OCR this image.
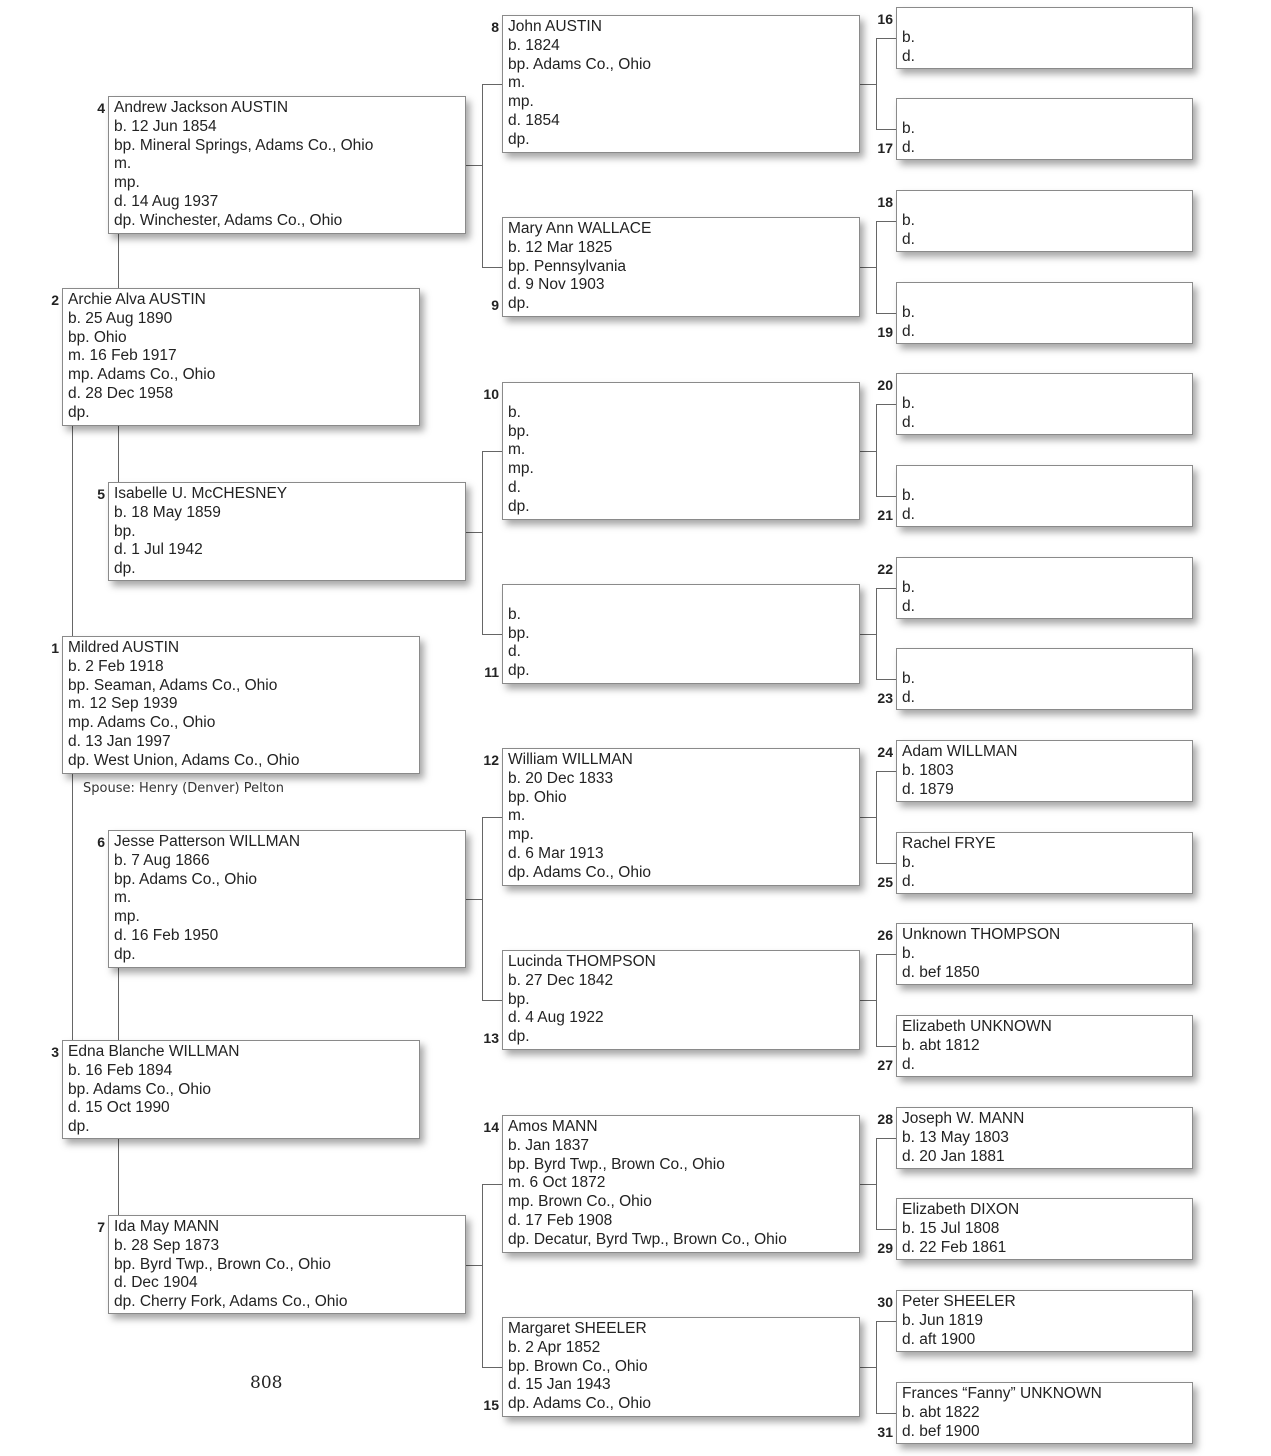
Andrew Jackson AUSTIN
b. 12 Jun 1854
bp. Mineral Springs, Adams Co., Ohio
m.
mp.
d. 14 Aug 1937
dp. Winchester, Adams Co., Ohio
4
Archie Alva AUSTIN
b. 25 Aug 1890
bp. Ohio
m. 16 Feb 1917
mp. Adams Co., Ohio
d. 28 Dec 1958
dp.
2
Isabelle U. McCHESNEY
b. 18 May 1859
bp.
d. 1 Jul 1942
dp.
5
Mildred AUSTIN
b. 2 Feb 1918
bp. Seaman, Adams Co., Ohio
m. 12 Sep 1939
mp. Adams Co., Ohio
d. 13 Jan 1997
dp. West Union, Adams Co., Ohio
1
Jesse Patterson WILLMAN
b. 7 Aug 1866
bp. Adams Co., Ohio
m.
mp.
d. 16 Feb 1950
dp.
6
Edna Blanche WILLMAN
b. 16 Feb 1894
bp. Adams Co., Ohio
d. 15 Oct 1990
dp.
3
Ida May MANN
b. 28 Sep 1873
bp. Byrd Twp., Brown Co., Ohio
d. Dec 1904
dp. Cherry Fork, Adams Co., Ohio
7
John AUSTIN
b. 1824
bp. Adams Co., Ohio
m.
mp.
d. 1854
dp.
8
Mary Ann WALLACE
b. 12 Mar 1825
bp. Pennsylvania
d. 9 Nov 1903
dp.
9

b.
bp.
m.
mp.
d.
dp.
10

b.
bp.
d.
dp.
11
William WILLMAN
b. 20 Dec 1833
bp. Ohio
m.
mp.
d. 6 Mar 1913
dp. Adams Co., Ohio
12
Lucinda THOMPSON
b. 27 Dec 1842
bp.
d. 4 Aug 1922
dp.
13
Amos MANN
b. Jan 1837
bp. Byrd Twp., Brown Co., Ohio
m. 6 Oct 1872
mp. Brown Co., Ohio
d. 17 Feb 1908
dp. Decatur, Byrd Twp., Brown Co., Ohio
14
Margaret SHEELER
b. 2 Apr 1852
bp. Brown Co., Ohio
d. 15 Jan 1943
dp. Adams Co., Ohio
15

b.
d.
16

b.
d.
17

b.
d.
18

b.
d.
19

b.
d.
20

b.
d.
21

b.
d.
22

b.
d.
23
Adam WILLMAN
b. 1803
d. 1879
24
Rachel FRYE
b.
d.
25
Unknown THOMPSON
b.
d. bef 1850
26
Elizabeth UNKNOWN
b. abt 1812
d.
27
Joseph W. MANN
b. 13 May 1803
d. 20 Jan 1881
28
Elizabeth DIXON
b. 15 Jul 1808
d. 22 Feb 1861
29
Peter SHEELER
b. Jun 1819
d. aft 1900
30
Frances “Fanny” UNKNOWN
b. abt 1822
d. bef 1900
31
Spouse: Henry (Denver) Pelton
808
